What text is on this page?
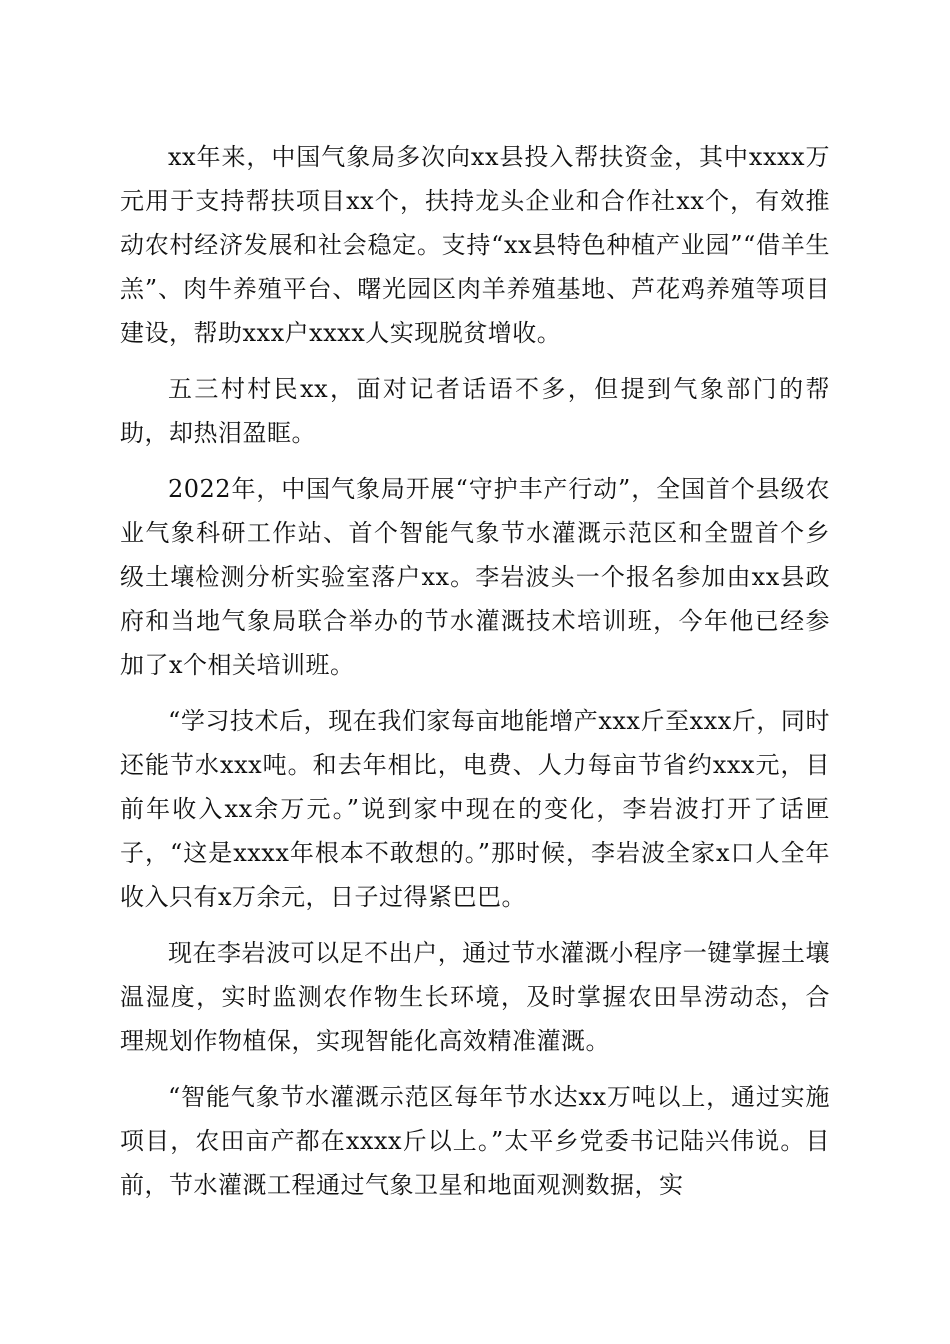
xx年来，中国气象局多次向xx县投入帮扶资金，其中xxxx万元用于支持帮扶项目xx个，扶持龙头企业和合作社xx个，有效推动农村经济发展和社会稳定。支持“xx县特色种植产业园”“借羊生羔”、肉牛养殖平台、曙光园区肉羊养殖基地、芦花鸡养殖等项目建设，帮助xxx户xxxx人实现脱贫增收。

五三村村民xx，面对记者话语不多，但提到气象部门的帮助，却热泪盈眶。

2022年，中国气象局开展“守护丰产行动”，全国首个县级农业气象科研工作站、首个智能气象节水灌溉示范区和全盟首个乡级土壤检测分析实验室落户xx。李岩波头一个报名参加由xx县政府和当地气象局联合举办的节水灌溉技术培训班，今年他已经参加了x个相关培训班。

“学习技术后，现在我们家每亩地能增产xxx斤至xxx斤，同时还能节水xxx吨。和去年相比，电费、人力每亩节省约xxx元，目前年收入xx余万元。”说到家中现在的变化，李岩波打开了话匣子，“这是xxxx年根本不敢想的。”那时候，李岩波全家x口人全年收入只有x万余元，日子过得紧巴巴。

现在李岩波可以足不出户，通过节水灌溉小程序一键掌握土壤温湿度，实时监测农作物生长环境，及时掌握农田旱涝动态，合理规划作物植保，实现智能化高效精准灌溉。

“智能气象节水灌溉示范区每年节水达xx万吨以上，通过实施项目，农田亩产都在xxxx斤以上。”太平乡党委书记陆兴伟说。目前，节水灌溉工程通过气象卫星和地面观测数据，实
